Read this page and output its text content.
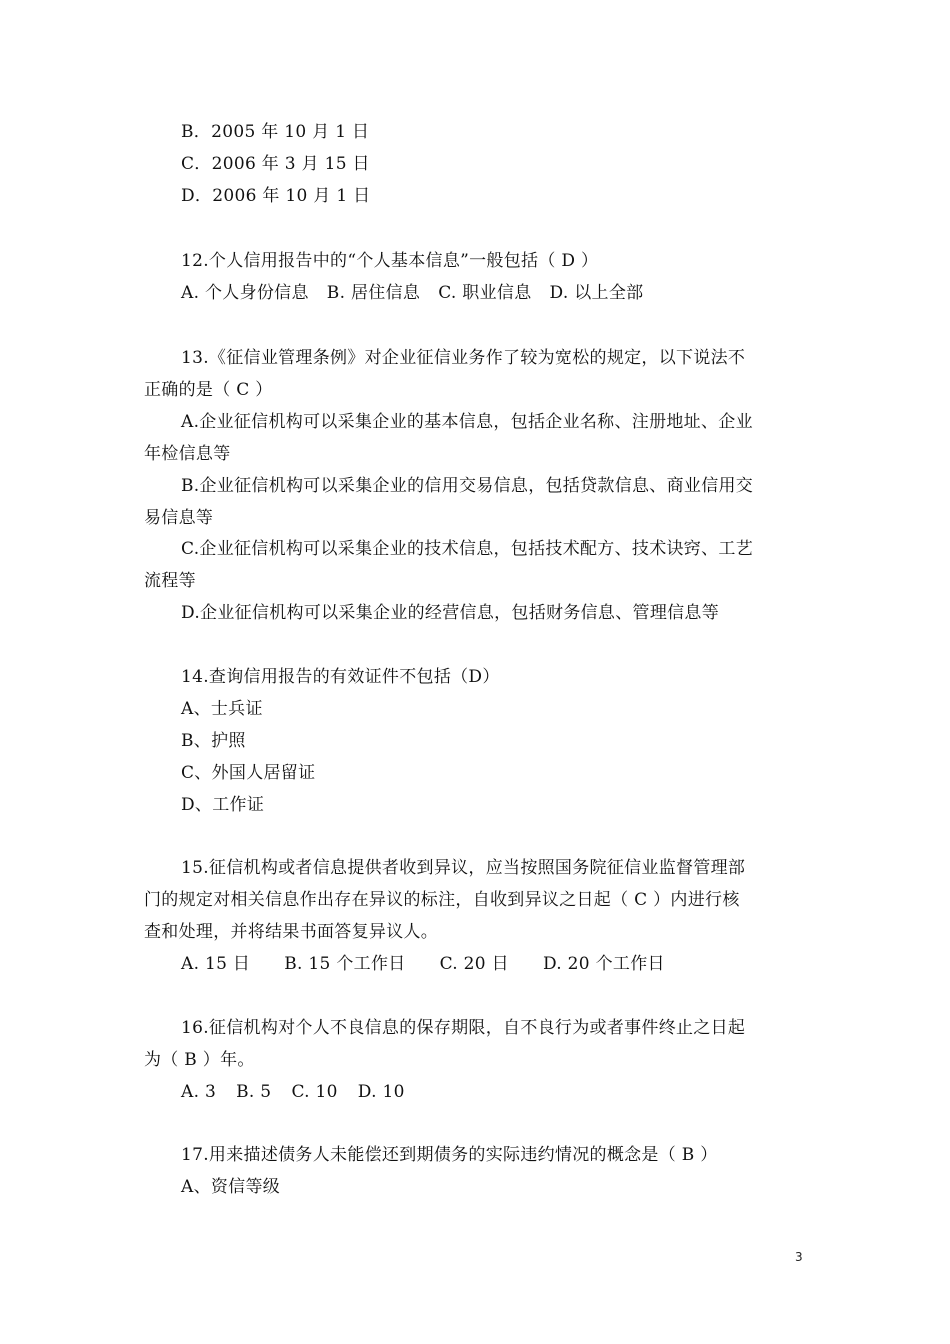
B．2005 年 10 月 1 日
C．2006 年 3 月 15 日
D．2006 年 10 月 1 日
12.个人信用报告中的“个人基本信息”一般包括（ D ）
A. 个人身份信息 B. 居住信息 C. 职业信息 D. 以上全部
13.《征信业管理条例》对企业征信业务作了较为宽松的规定，以下说法不
正确的是（ C ）
A.企业征信机构可以采集企业的基本信息，包括企业名称、注册地址、企业
年检信息等
B.企业征信机构可以采集企业的信用交易信息，包括贷款信息、商业信用交
易信息等
C.企业征信机构可以采集企业的技术信息，包括技术配方、技术诀窍、工艺
流程等
D.企业征信机构可以采集企业的经营信息，包括财务信息、管理信息等
14.查询信用报告的有效证件不包括（D）
A、士兵证
B、护照
C、外国人居留证
D、工作证
15.征信机构或者信息提供者收到异议，应当按照国务院征信业监督管理部
门的规定对相关信息作出存在异议的标注，自收到异议之日起（ C ）内进行核
查和处理，并将结果书面答复异议人。
A. 15 日 B. 15 个工作日 C. 20 日 D. 20 个工作日
16.征信机构对个人不良信息的保存期限，自不良行为或者事件终止之日起
为（ B ）年。
A. 3 B. 5 C. 10 D. 10
17.用来描述债务人未能偿还到期债务的实际违约情况的概念是（ B ）
A、资信等级
3
